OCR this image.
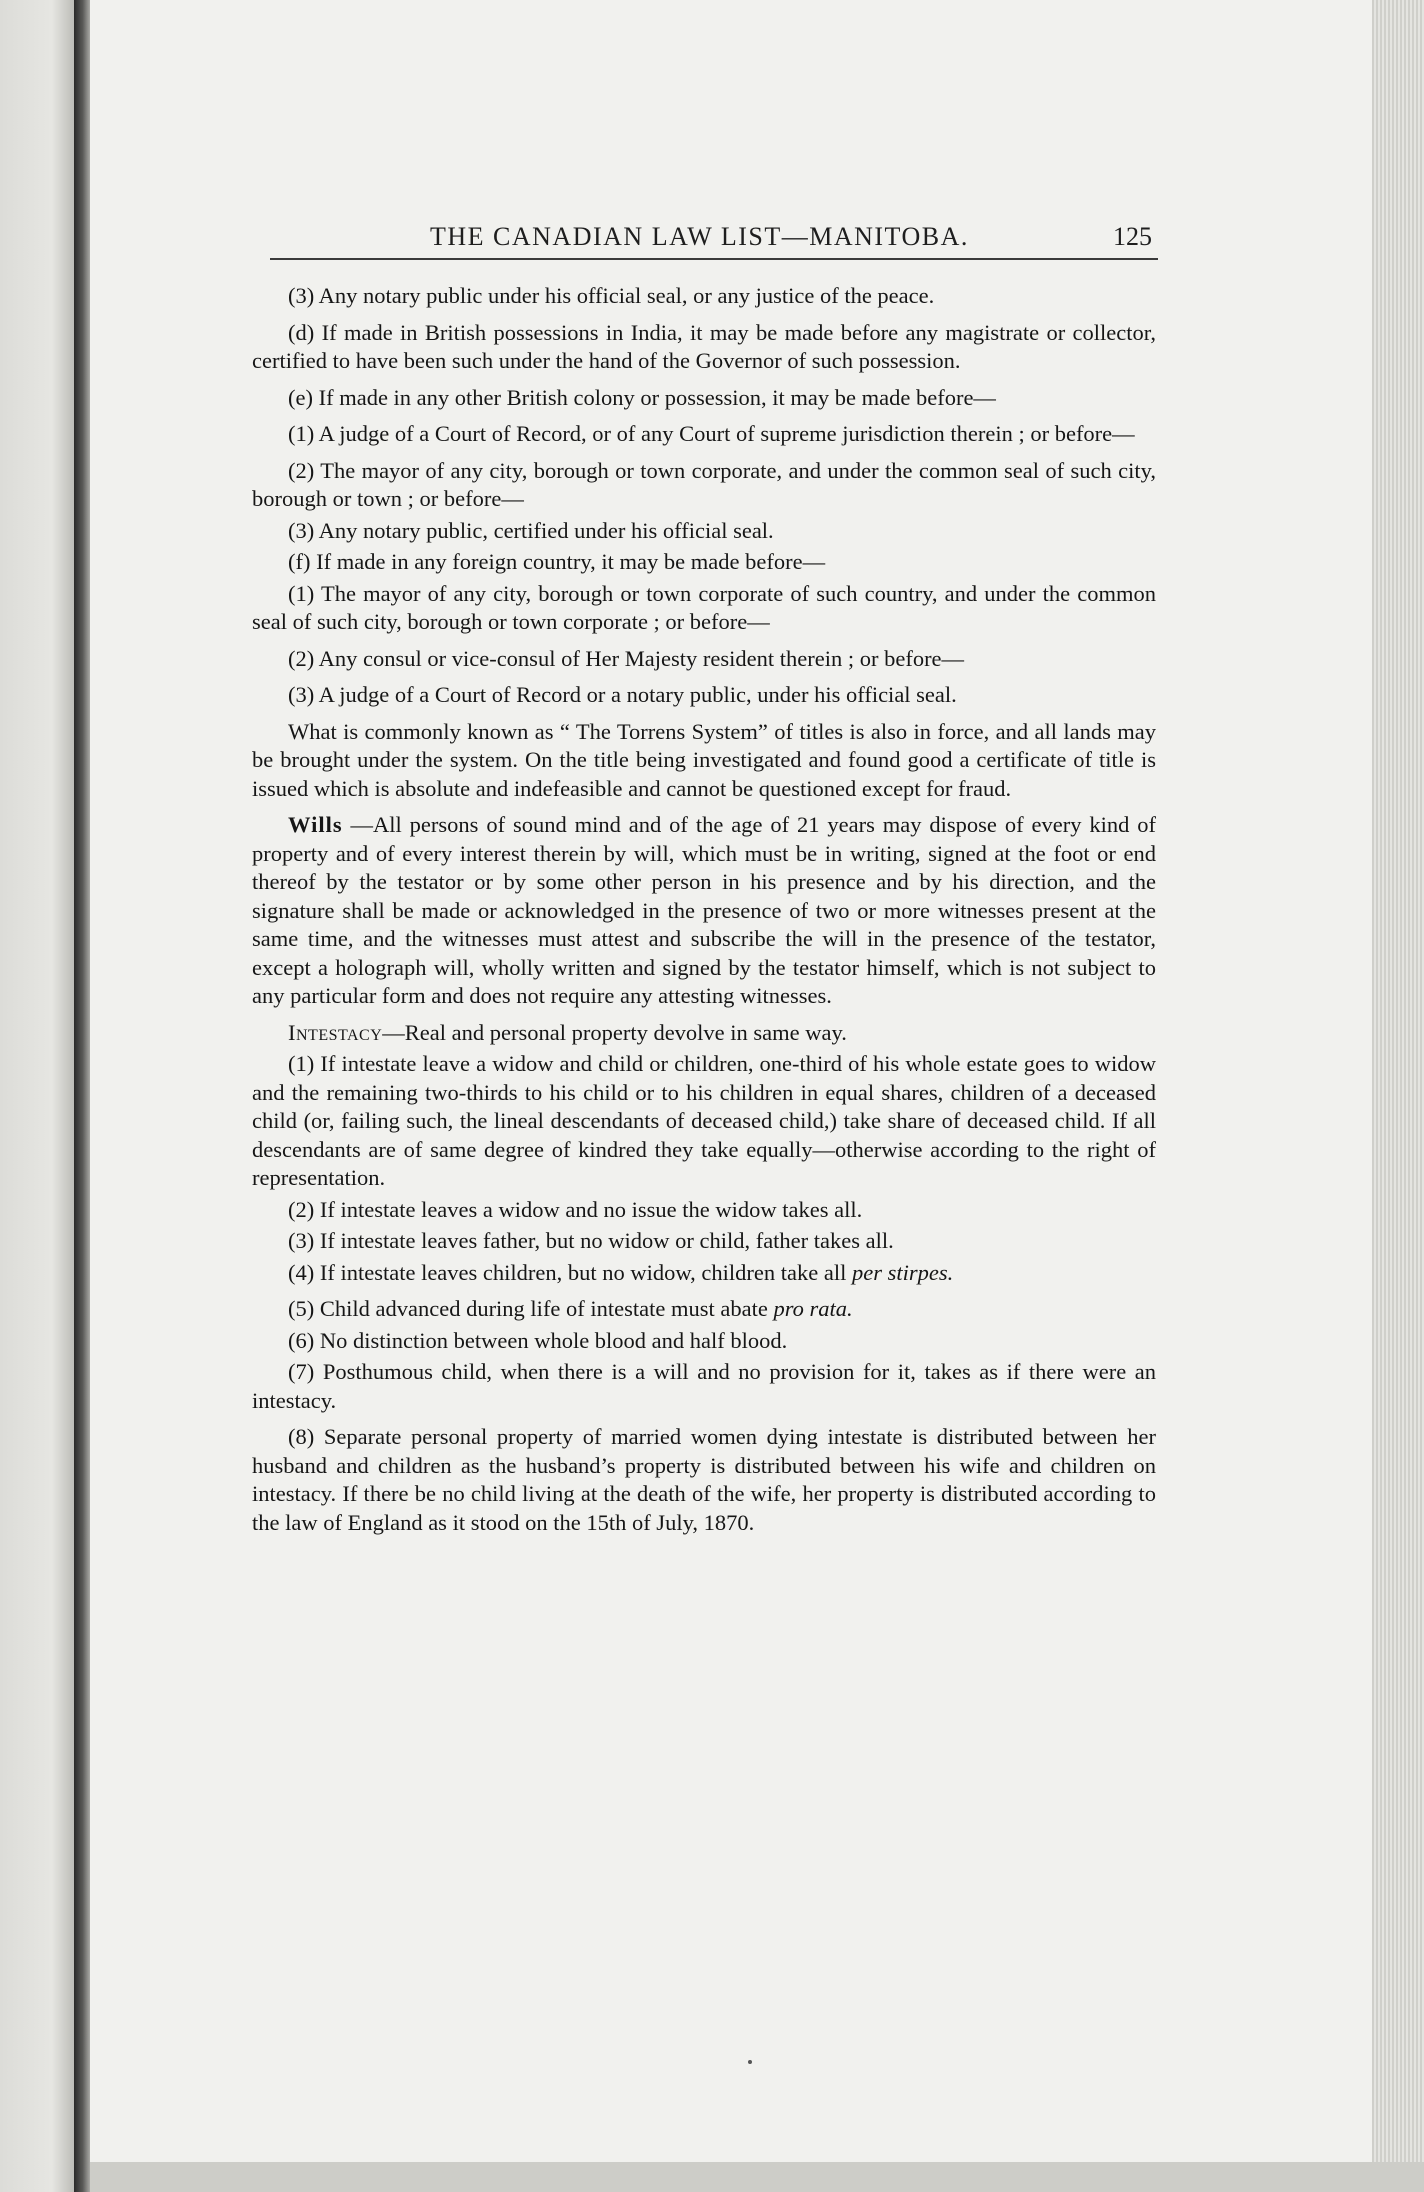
THE CANADIAN LAW LIST—MANITOBA.	125

(3) Any notary public under his official seal, or any justice of the peace.

(d) If made in British possessions in India, it may be made before any magistrate or collector, certified to have been such under the hand of the Governor of such possession.

(e) If made in any other British colony or possession, it may be made before—

(1) A judge of a Court of Record, or of any Court of supreme jurisdiction therein ; or before—

(2) The mayor of any city, borough or town corporate, and under the common seal of such city, borough or town ; or before—

(3) Any notary public, certified under his official seal.

(f) If made in any foreign country, it may be made before—

(1) The mayor of any city, borough or town corporate of such country, and under the common seal of such city, borough or town corporate ; or before—

(2) Any consul or vice-consul of Her Majesty resident therein ; or before—

(3) A judge of a Court of Record or a notary public, under his official seal.

What is commonly known as “ The Torrens System” of titles is also in force, and all lands may be brought under the system. On the title being investigated and found good a certificate of title is issued which is absolute and indefeasible and cannot be questioned except for fraud.

Wills —All persons of sound mind and of the age of 21 years may dispose of every kind of property and of every interest therein by will, which must be in writing, signed at the foot or end thereof by the testator or by some other person in his presence and by his direction, and the signature shall be made or acknowledged in the presence of two or more witnesses present at the same time, and the witnesses must attest and subscribe the will in the presence of the testator, except a holograph will, wholly written and signed by the testator himself, which is not subject to any particular form and does not require any attesting witnesses.

Intestacy—Real and personal property devolve in same way.

(1) If intestate leave a widow and child or children, one-third of his whole estate goes to widow and the remaining two-thirds to his child or to his children in equal shares, children of a deceased child (or, failing such, the lineal descendants of deceased child,) take share of deceased child. If all descendants are of same degree of kindred they take equally—otherwise according to the right of representation.

(2) If intestate leaves a widow and no issue the widow takes all.

(3) If intestate leaves father, but no widow or child, father takes all.

(4) If intestate leaves children, but no widow, children take all per stirpes.

(5) Child advanced during life of intestate must abate pro rata.

(6) No distinction between whole blood and half blood.

(7) Posthumous child, when there is a will and no provision for it, takes as if there were an intestacy.

(8) Separate personal property of married women dying intestate is distributed between her husband and children as the husband’s property is distributed between his wife and children on intestacy. If there be no child living at the death of the wife, her property is distributed according to the law of England as it stood on the 15th of July, 1870.
